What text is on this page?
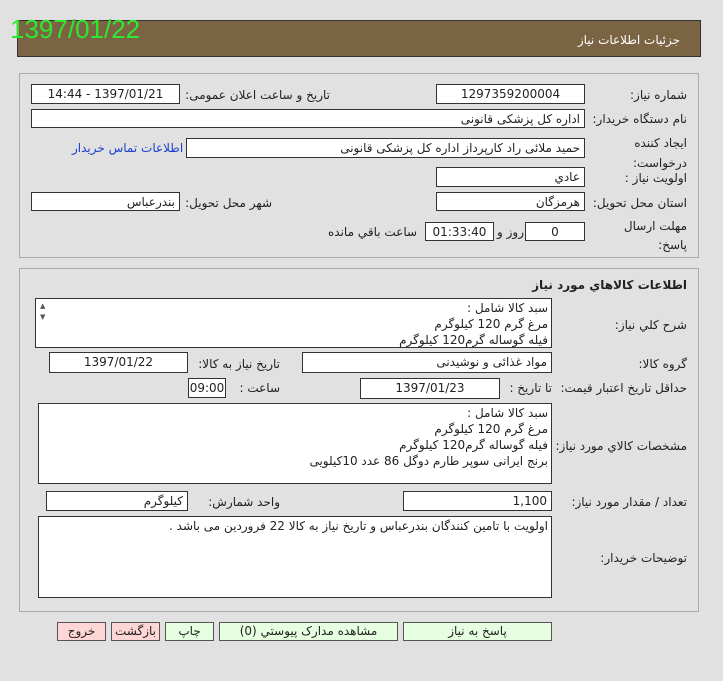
جزئیات اطلاعات نیاز
1397/01/22
شماره نیاز:
1297359200004
تاريخ و ساعت اعلان عمومی:
1397/01/21 - 14:44
نام دستگاه خریدار:
اداره کل پزشکی قانونی
ایجاد کننده درخواست:
حمید ملائی راد کارپرداز اداره کل پزشکی قانونی
اطلاعات تماس خریدار
اولویت نیاز :
عادي
استان محل تحویل:
هرمزگان
شهر محل تحویل:
بندرعباس
مهلت ارسال پاسخ:
0
روز و
01:33:40
ساعت باقي مانده
اطلاعات کالاهاي مورد نياز
شرح کلي نياز:
سبد کالا شامل :
مرغ گرم 120 کیلوگرم
فیله گوساله گرم120 کیلوگرم
▲
▼
گروه کالا:
مواد غذائی و نوشیدنی
تاریخ نیاز به کالا:
1397/01/22
حداقل تاریخ اعتبار قیمت:
تا تاریخ :
1397/01/23
ساعت :
09:00
مشخصات کالاي مورد نياز:
سبد کالا شامل :
مرغ گرم 120 کیلوگرم
فیله گوساله گرم120 کیلوگرم
برنج ایرانی سوپر طارم دوگل 86 عدد 10کیلویی
تعداد / مقدار مورد نیاز:
1,100
واحد شمارش:
کیلوگرم
توضیحات خریدار:
اولویت با تامین کنندگان بندرعباس و تاریخ نیاز به کالا 22 فروردین می باشد .
پاسخ به نیاز
مشاهده مدارک پیوستي (0)
چاپ
بازگشت
خروج
